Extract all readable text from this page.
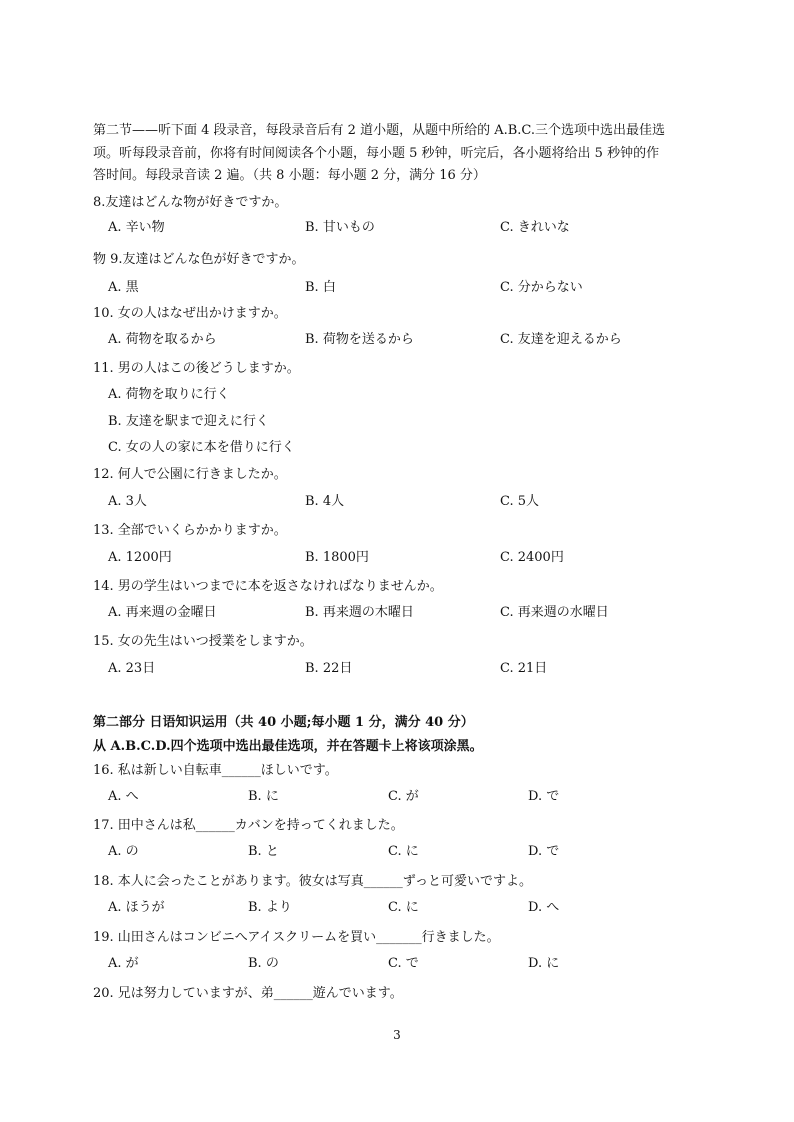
第二节——听下面 4 段录音，每段录音后有 2 道小题，从题中所给的 A.B.C.三个选项中选出最佳选
项。听每段录音前，你将有时间阅读各个小题，每小题 5 秒钟，听完后，各小题将给出 5 秒钟的作
答时间。每段录音读 2 遍。（共 8 小题：每小题 2 分，满分 16 分）
8.友達はどんな物が好きですか。
A. 辛い物	B. 甘いもの	C. きれいな
物 9.友達はどんな色が好きですか。
A. 黒	B. 白	C. 分からない
10. 女の人はなぜ出かけますか。
A. 荷物を取るから	B. 荷物を送るから	C. 友達を迎えるから
11. 男の人はこの後どうしますか。
A. 荷物を取りに行く
B. 友達を駅まで迎えに行く
C. 女の人の家に本を借りに行く
12. 何人で公園に行きましたか。
A. 3人	B. 4人	C. 5人
13. 全部でいくらかかりますか。
A. 1200円	B. 1800円	C. 2400円
14. 男の学生はいつまでに本を返さなければなりませんか。
A. 再来週の金曜日	B. 再来週の木曜日	C. 再来週の水曜日
15. 女の先生はいつ授業をしますか。
A. 23日	B. 22日	C. 21日
第二部分 日语知识运用（共 40 小题;每小题 1 分，满分 40 分）
从 A.B.C.D.四个选项中选出最佳选项，并在答题卡上将该项涂黑。
16. 私は新しい自転車______ほしいです。
A. へ	B. に	C. が	D. で
17. 田中さんは私______カバンを持ってくれました。
A. の	B. と	C. に	D. で
18. 本人に会ったことがあります。彼女は写真______ずっと可愛いですよ。
A. ほうが	B. より	C. に	D. へ
19. 山田さんはコンビニへアイスクリームを買い_______行きました。
A. が	B. の	C. で	D. に
20. 兄は努力していますが、弟______遊んでいます。
3
